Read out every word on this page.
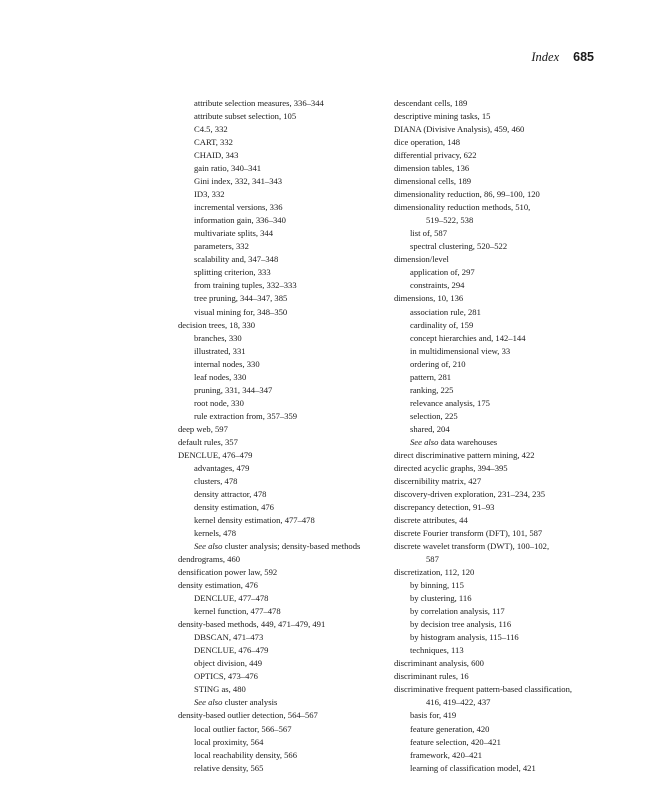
Index 685
attribute selection measures, 336–344
attribute subset selection, 105
C4.5, 332
CART, 332
CHAID, 343
gain ratio, 340–341
Gini index, 332, 341–343
ID3, 332
incremental versions, 336
information gain, 336–340
multivariate splits, 344
parameters, 332
scalability and, 347–348
splitting criterion, 333
from training tuples, 332–333
tree pruning, 344–347, 385
visual mining for, 348–350
decision trees, 18, 330
branches, 330
illustrated, 331
internal nodes, 330
leaf nodes, 330
pruning, 331, 344–347
root node, 330
rule extraction from, 357–359
deep web, 597
default rules, 357
DENCLUE, 476–479
advantages, 479
clusters, 478
density attractor, 478
density estimation, 476
kernel density estimation, 477–478
kernels, 478
See also cluster analysis; density-based methods
dendrograms, 460
densification power law, 592
density estimation, 476
DENCLUE, 477–478
kernel function, 477–478
density-based methods, 449, 471–479, 491
DBSCAN, 471–473
DENCLUE, 476–479
object division, 449
OPTICS, 473–476
STING as, 480
See also cluster analysis
density-based outlier detection, 564–567
local outlier factor, 566–567
local proximity, 564
local reachability density, 566
relative density, 565
descendant cells, 189
descriptive mining tasks, 15
DIANA (Divisive Analysis), 459, 460
dice operation, 148
differential privacy, 622
dimension tables, 136
dimensional cells, 189
dimensionality reduction, 86, 99–100, 120
dimensionality reduction methods, 510,
519–522, 538
list of, 587
spectral clustering, 520–522
dimension/level
application of, 297
constraints, 294
dimensions, 10, 136
association rule, 281
cardinality of, 159
concept hierarchies and, 142–144
in multidimensional view, 33
ordering of, 210
pattern, 281
ranking, 225
relevance analysis, 175
selection, 225
shared, 204
See also data warehouses
direct discriminative pattern mining, 422
directed acyclic graphs, 394–395
discernibility matrix, 427
discovery-driven exploration, 231–234, 235
discrepancy detection, 91–93
discrete attributes, 44
discrete Fourier transform (DFT), 101, 587
discrete wavelet transform (DWT), 100–102,
587
discretization, 112, 120
by binning, 115
by clustering, 116
by correlation analysis, 117
by decision tree analysis, 116
by histogram analysis, 115–116
techniques, 113
discriminant analysis, 600
discriminant rules, 16
discriminative frequent pattern-based classification,
416, 419–422, 437
basis for, 419
feature generation, 420
feature selection, 420–421
framework, 420–421
learning of classification model, 421
